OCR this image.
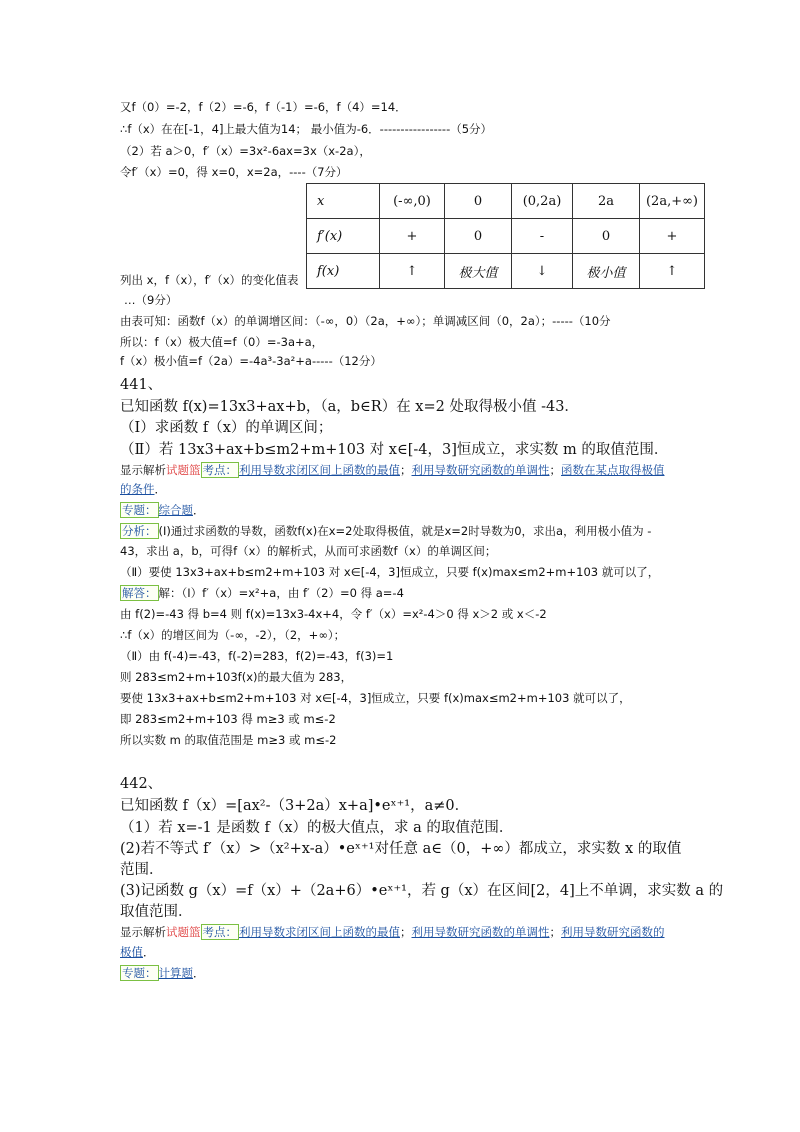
又f（0）=-2，f（2）=-6，f（-1）=-6，f（4）=14．
∴f（x）在在[-1，4]上最大值为14； 最小值为-6．-----------------（5分）
（2）若 a＞0，f′（x）=3x²-6ax=3x（x-2a），
令f′（x）=0，得 x=0，x=2a，----（7分）
x	(-∞,0)	0	(0,2a)	2a	(2a,+∞)
f′(x)	+	0	-	0	+
f(x)	↑	极大值	↓	极小值	↑
列出 x，f（x），f′（x）的变化值表
…（9分）
由表可知：函数f（x）的单调增区间：（-∞，0）（2a，+∞）；单调减区间（0，2a）；-----（10分
所以：f（x）极大值=f（0）=-3a+a，
f（x）极小值=f（2a）=-4a³-3a²+a-----（12分）
441、
已知函数 f(x)=13x3+ax+b，（a，b∈R）在 x=2 处取得极小值 -43．
（Ⅰ）求函数 f（x）的单调区间；
（Ⅱ）若 13x3+ax+b≤m2+m+103 对 x∈[-4，3]恒成立，求实数 m 的取值范围．
显示解析试题篮 考点： 利用导数求闭区间上函数的最值；利用导数研究函数的单调性；函数在某点取得极值
的条件．
专题： 综合题．
分析： (Ⅰ)通过求函数的导数，函数f(x)在x=2处取得极值，就是x=2时导数为0，求出a，利用极小值为 -
43，求出 a，b，可得f（x）的解析式，从而可求函数f（x）的单调区间；
（Ⅱ）要使 13x3+ax+b≤m2+m+103 对 x∈[-4，3]恒成立，只要 f(x)max≤m2+m+103 就可以了，
解答： 解：（Ⅰ）f′（x）=x²+a，由 f′（2）=0 得 a=-4
由 f(2)=-43 得 b=4 则 f(x)=13x3-4x+4，令 f′（x）=x²-4＞0 得 x＞2 或 x＜-2
∴f（x）的增区间为（-∞，-2），（2，+∞）；
（Ⅱ）由 f(-4)=-43，f(-2)=283，f(2)=-43，f(3)=1
则 283≤m2+m+103f(x)的最大值为 283，
要使 13x3+ax+b≤m2+m+103 对 x∈[-4，3]恒成立，只要 f(x)max≤m2+m+103 就可以了，
即 283≤m2+m+103 得 m≥3 或 m≤-2
所以实数 m 的取值范围是 m≥3 或 m≤-2
442、
已知函数 f（x）=[ax²-（3+2a）x+a]•eˣ⁺¹，a≠0．
（1）若 x=-1 是函数 f（x）的极大值点，求 a 的取值范围．
(2)若不等式 f′（x）>（x²+x-a）•eˣ⁺¹对任意 a∈（0，+∞）都成立，求实数 x 的取值
范围．
(3)记函数 g（x）=f（x）+（2a+6）•eˣ⁺¹，若 g（x）在区间[2，4]上不单调，求实数 a 的
取值范围．
显示解析试题篮 考点： 利用导数求闭区间上函数的最值；利用导数研究函数的单调性；利用导数研究函数的
极值．
专题： 计算题．
